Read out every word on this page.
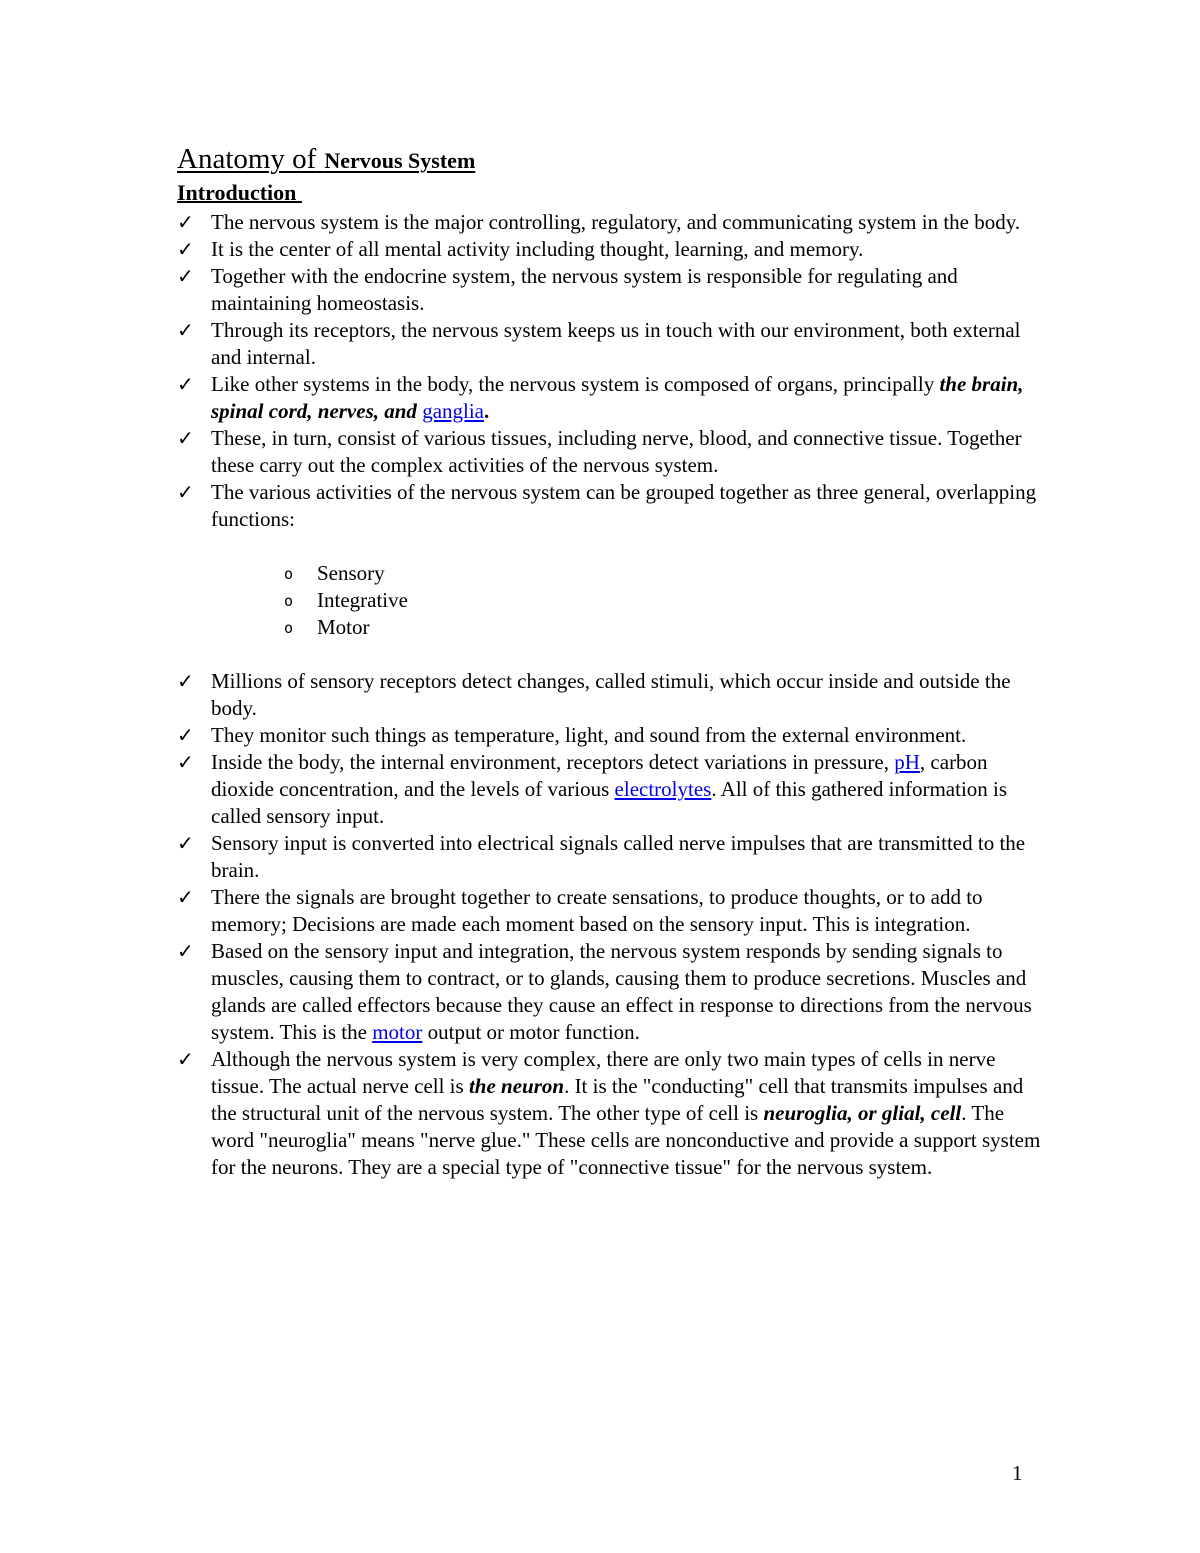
Anatomy of Nervous System
Introduction
✓ The nervous system is the major controlling, regulatory, and communicating system in the body.
✓ It is the center of all mental activity including thought, learning, and memory.
✓ Together with the endocrine system, the nervous system is responsible for regulating and maintaining homeostasis.
✓ Through its receptors, the nervous system keeps us in touch with our environment, both external and internal.
✓ Like other systems in the body, the nervous system is composed of organs, principally the brain, spinal cord, nerves, and ganglia.
✓ These, in turn, consist of various tissues, including nerve, blood, and connective tissue. Together these carry out the complex activities of the nervous system.
✓ The various activities of the nervous system can be grouped together as three general, overlapping functions:
o Sensory
o Integrative
o Motor
✓ Millions of sensory receptors detect changes, called stimuli, which occur inside and outside the body.
✓ They monitor such things as temperature, light, and sound from the external environment.
✓ Inside the body, the internal environment, receptors detect variations in pressure, pH, carbon dioxide concentration, and the levels of various electrolytes. All of this gathered information is called sensory input.
✓ Sensory input is converted into electrical signals called nerve impulses that are transmitted to the brain.
✓ There the signals are brought together to create sensations, to produce thoughts, or to add to memory; Decisions are made each moment based on the sensory input. This is integration.
✓ Based on the sensory input and integration, the nervous system responds by sending signals to muscles, causing them to contract, or to glands, causing them to produce secretions. Muscles and glands are called effectors because they cause an effect in response to directions from the nervous system. This is the motor output or motor function.
✓ Although the nervous system is very complex, there are only two main types of cells in nerve tissue. The actual nerve cell is the neuron. It is the "conducting" cell that transmits impulses and the structural unit of the nervous system. The other type of cell is neuroglia, or glial, cell. The word "neuroglia" means "nerve glue." These cells are nonconductive and provide a support system for the neurons. They are a special type of "connective tissue" for the nervous system.
1
